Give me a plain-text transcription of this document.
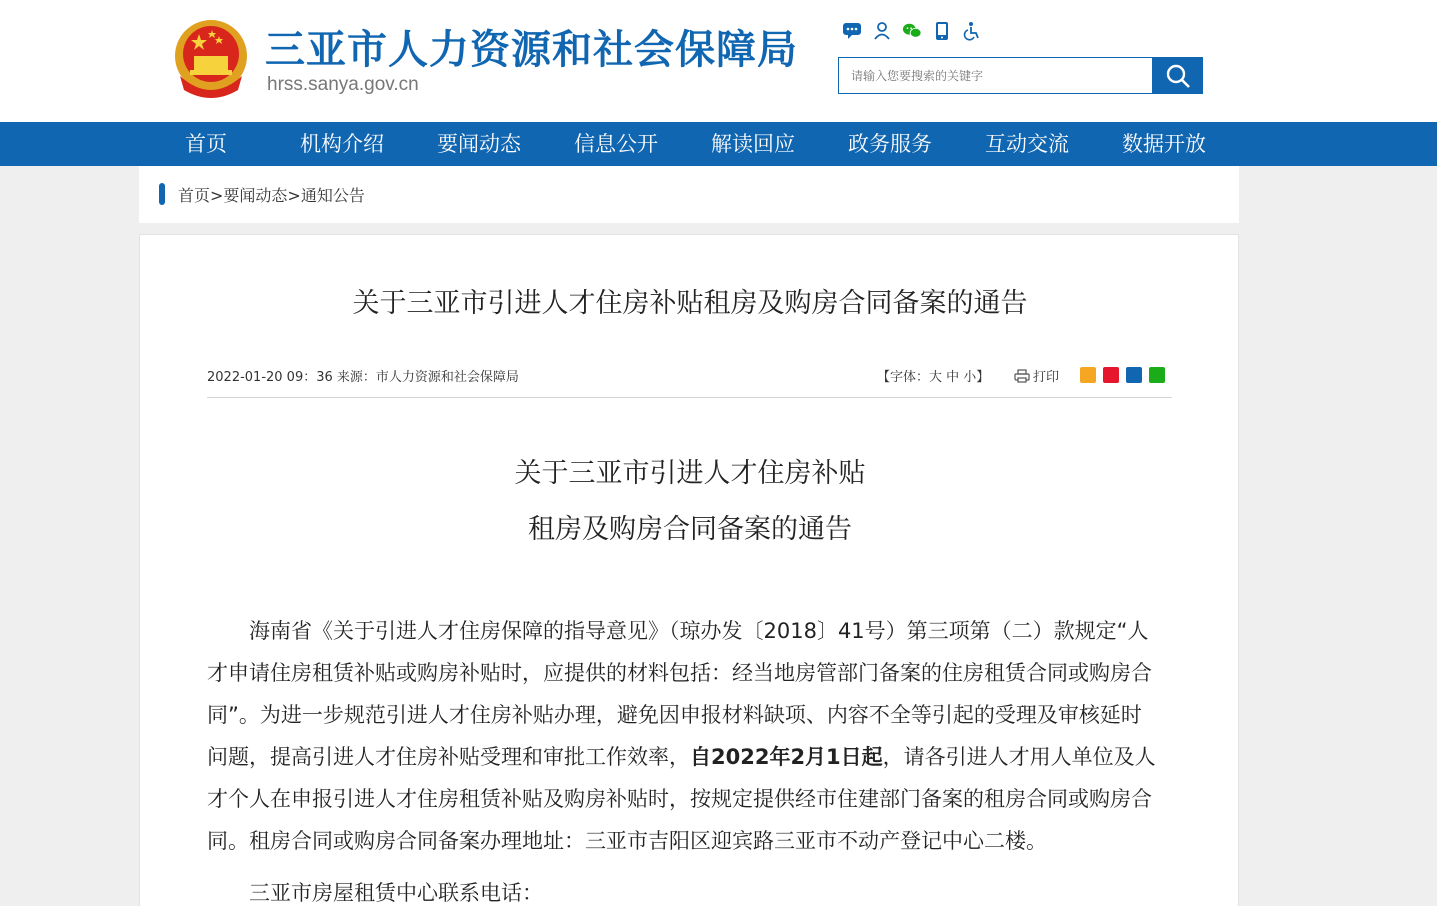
三亚市人力资源和社会保障局
hrss.sanya.gov.cn	请输入您要搜索的关键字
首页	机构介绍	要闻动态	信息公开	解读回应	政务服务	互动交流	数据开放
首页>要闻动态>通知公告
关于三亚市引进人才住房补贴租房及购房合同备案的通告
2022-01-20 09：36 来源：市人力资源和社会保障局	【字体：大 中 小】	打印
关于三亚市引进人才住房补贴
租房及购房合同备案的通告
　　海南省《关于引进人才住房保障的指导意见》（琼办发〔2018〕41号）第三项第（二）款规定“人
才申请住房租赁补贴或购房补贴时，应提供的材料包括：经当地房管部门备案的住房租赁合同或购房合
同”。为进一步规范引进人才住房补贴办理，避免因申报材料缺项、内容不全等引起的受理及审核延时
问题，提高引进人才住房补贴受理和审批工作效率，自2022年2月1日起，请各引进人才用人单位及人
才个人在申报引进人才住房租赁补贴及购房补贴时，按规定提供经市住建部门备案的租房合同或购房合
同。租房合同或购房合同备案办理地址：三亚市吉阳区迎宾路三亚市不动产登记中心二楼。
　　三亚市房屋租赁中心联系电话：
